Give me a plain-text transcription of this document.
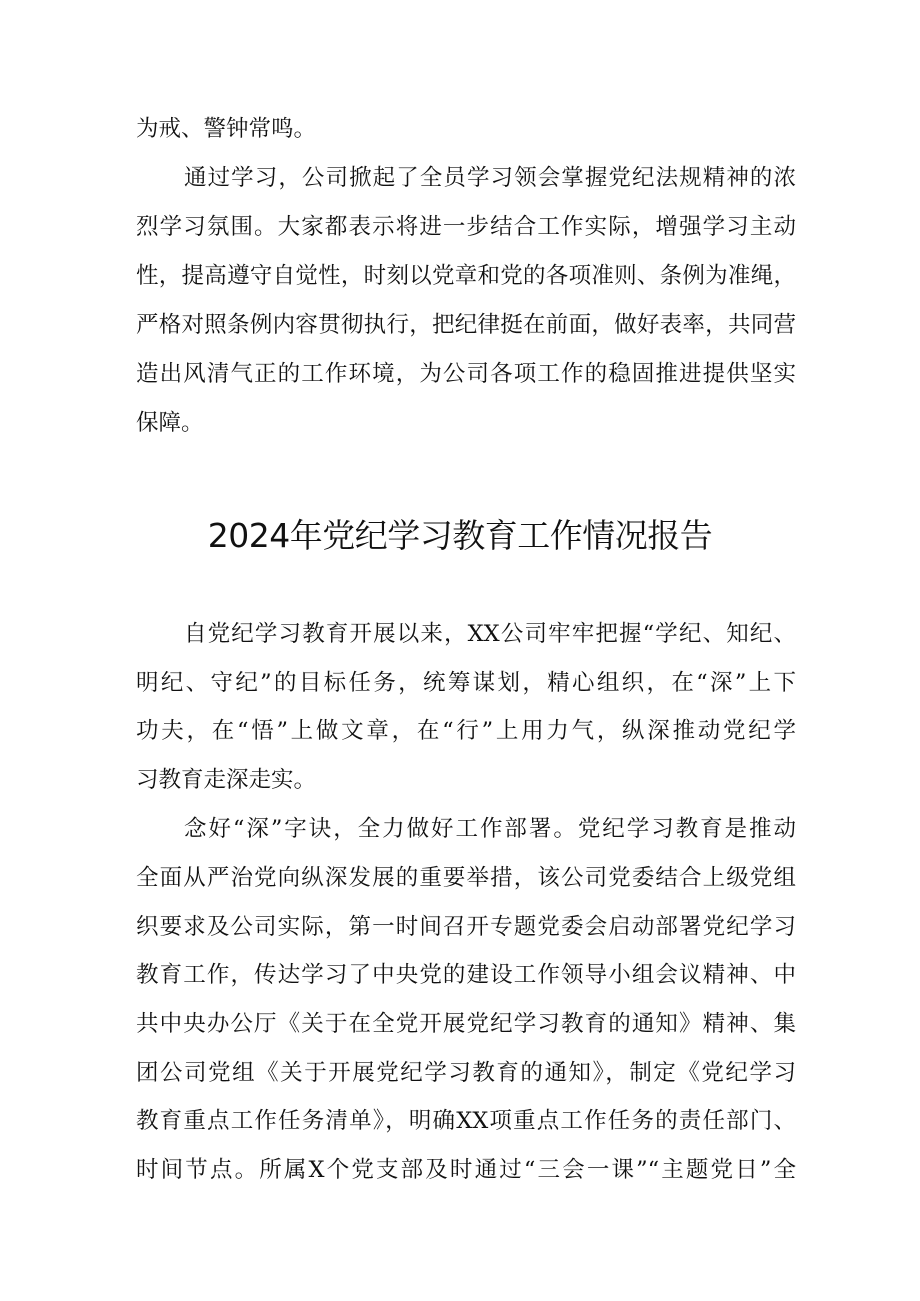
为戒、警钟常鸣。
通过学习，公司掀起了全员学习领会掌握党纪法规精神的浓
烈学习氛围。大家都表示将进一步结合工作实际，增强学习主动
性，提高遵守自觉性，时刻以党章和党的各项准则、条例为准绳，
严格对照条例内容贯彻执行，把纪律挺在前面，做好表率，共同营
造出风清气正的工作环境，为公司各项工作的稳固推进提供坚实
保障。
2024年党纪学习教育工作情况报告
自党纪学习教育开展以来，XX公司牢牢把握“学纪、知纪、
明纪、守纪”的目标任务，统筹谋划，精心组织，在“深”上下
功夫，在“悟”上做文章，在“行”上用力气，纵深推动党纪学
习教育走深走实。
念好“深”字诀，全力做好工作部署。党纪学习教育是推动
全面从严治党向纵深发展的重要举措，该公司党委结合上级党组
织要求及公司实际，第一时间召开专题党委会启动部署党纪学习
教育工作，传达学习了中央党的建设工作领导小组会议精神、中
共中央办公厅《关于在全党开展党纪学习教育的通知》精神、集
团公司党组《关于开展党纪学习教育的通知》，制定《党纪学习
教育重点工作任务清单》，明确XX项重点工作任务的责任部门、
时间节点。所属X个党支部及时通过“三会一课”“主题党日”全
